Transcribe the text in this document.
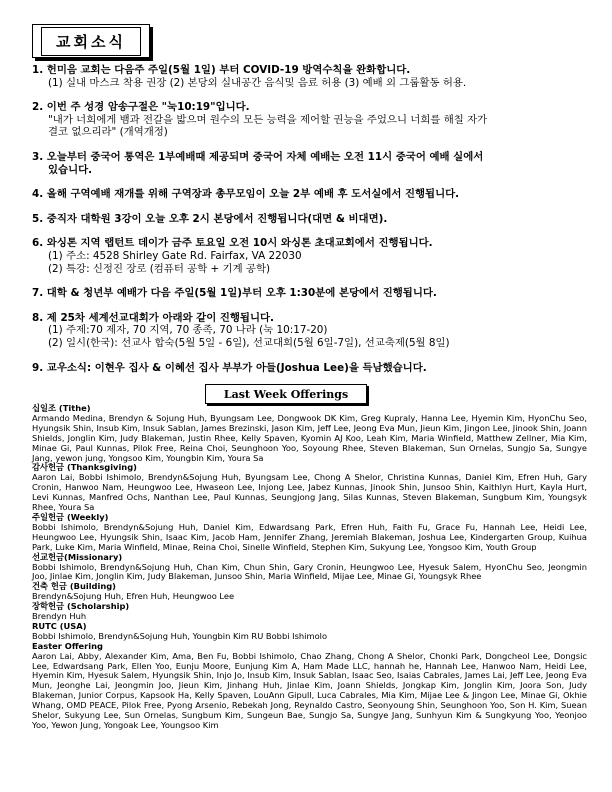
교회소식
1. 헌미음 교회는 다음주 주일(5월 1일) 부터 COVID-19 방역수칙을 완화합니다.
(1) 실내 마스크 착용 권장 (2) 본당외 실내공간 음식및 음료 허용 (3) 예배 외 그룹활동 허용.
2. 이번 주 성경 암송구절은 "눅10:19"입니다.
"내가 너희에게 뱀과 전갈을 밟으며 원수의 모든 능력을 제어할 권능을 주었으니 너희를 해칠 자가
결코 없으리라" (개역개정)
3. 오늘부터 중국어 통역은 1부예배때 제공되며 중국어 자체 예배는 오전 11시 중국어 예배 실에서
있습니다.
4. 올해 구역예배 재개를 위해 구역장과 총무모임이 오늘 2부 예배 후 도서실에서 진행됩니다.
5. 중직자 대학원 3강이 오늘 오후 2시 본당에서 진행됩니다(대면 & 비대면).
6. 와싱톤 지역 랩턴트 데이가 금주 토요일 오전 10시 와싱톤 초대교회에서 진행됩니다.
(1) 주소: 4528 Shirley Gate Rd. Fairfax, VA 22030
(2) 특강: 신정진 장로 (컴퓨터 공학 + 기계 공학)
7. 대학 & 청년부 예배가 다음 주일(5월 1일)부터 오후 1:30분에 본당에서 진행됩니다.
8. 제 25차 세계선교대회가 아래와 같이 진행됩니다.
(1) 주제:70 제자, 70 지역, 70 종족, 70 나라 (눅 10:17-20)
(2) 일시(한국): 선교사 합숙(5월 5일 - 6일), 선교대회(5월 6일-7일), 선교축제(5월 8일)
9. 교우소식: 이현우 집사 & 이혜선 집사 부부가 아들(Joshua Lee)을 득남했습니다.
Last Week Offerings
십일조 (Tithe)
Armando Medina, Brendyn & Sojung Huh, Byungsam Lee, Dongwook DK Kim, Greg Kupraly, Hanna Lee, Hyemin Kim, HyonChu Seo, Hyungsik Shin, Insub Kim, Insuk Sablan, James Brezinski, Jason Kim, Jeff Lee, Jeong Eva Mun, Jieun Kim, Jingon Lee, Jinook Shin, Joann Shields, Jonglin Kim, Judy Blakeman, Justin Rhee, Kelly Spaven, Kyomin AJ Koo, Leah Kim, Maria Winfield, Matthew Zellner, Mia Kim, Minae Gi, Paul Kunnas, Pilok Free, Reina Choi, Seunghoon Yoo, Soyoung Rhee, Steven Blakeman, Sun Ornelas, Sungjo Sa, Sungye Jang, yewon jung, Yongsoo Kim, Youngbin Kim, Youra Sa
감사헌금 (Thanksgiving)
Aaron Lai, Bobbi Ishimolo, Brendyn&Sojung Huh, Byungsam Lee, Chong A Shelor, Christina Kunnas, Daniel Kim, Efren Huh, Gary Cronin, Hanwoo Nam, Heungwoo Lee, Hwaseon Lee, Injong Lee, Jabez Kunnas, Jinook Shin, Junsoo Shin, Kaithlyn Hurt, Kayla Hurt, Levi Kunnas, Manfred Ochs, Nanthan Lee, Paul Kunnas, Seungjong Jang, Silas Kunnas, Steven Blakeman, Sungbum Kim, Youngsyk Rhee, Youra Sa
주일헌금 (Weekly)
Bobbi Ishimolo, Brendyn&Sojung Huh, Daniel Kim, Edwardsang Park, Efren Huh, Faith Fu, Grace Fu, Hannah Lee, Heidi Lee, Heungwoo Lee, Hyungsik Shin, Isaac Kim, Jacob Ham, Jennifer Zhang, Jeremiah Blakeman, Joshua Lee, Kindergarten Group, Kuihua Park, Luke Kim, Maria Winfield, Minae, Reina Choi, Sinelle Winfield, Stephen Kim, Sukyung Lee, Yongsoo Kim, Youth Group
선교헌금(Missionary)
Bobbi Ishimolo, Brendyn&Sojung Huh, Chan Kim, Chun Shin, Gary Cronin, Heungwoo Lee, Hyesuk Salem, HyonChu Seo, Jeongmin Joo, Jinlae Kim, Jonglin Kim, Judy Blakeman, Junsoo Shin, Maria Winfield, Mijae Lee, Minae Gi, Youngsyk Rhee
건축 헌금 (Building)
Brendyn&Sojung Huh, Efren Huh, Heungwoo Lee
장학헌금 (Scholarship)
Brendyn Huh
RUTC (USA)
Bobbi Ishimolo, Brendyn&Sojung Huh, Youngbin Kim RU Bobbi Ishimolo
Easter Offering
Aaron Lai, Abby, Alexander Kim, Ama, Ben Fu, Bobbi Ishimolo, Chao Zhang, Chong A Shelor, Chonki Park, Dongcheol Lee, Dongsic Lee, Edwardsang Park, Ellen Yoo, Eunju Moore, Eunjung Kim A, Ham Made LLC, hannah he, Hannah Lee, Hanwoo Nam, Heidi Lee, Hyemin Kim, Hyesuk Salem, Hyungsik Shin, Injo Jo, Insub Kim, Insuk Sablan, Isaac Seo, Isaias Cabrales, James Lai, Jeff Lee, Jeong Eva Mun, Jeonghe Lai, Jeongmin Joo, Jieun Kim, Jinhang Huh, Jinlae Kim, Joann Shields, Jongkap Kim, Jonglin Kim, Joora Son, Judy Blakeman, Junior Corpus, Kapsook Ha, Kelly Spaven, LouAnn Gipull, Luca Cabrales, Mia Kim, Mijae Lee & Jingon Lee, Minae Gi, Okhie Whang, OMD PEACE, Pilok Free, Pyong Arsenio, Rebekah Jong, Reynaldo Castro, Seonyoung Shin, Seunghoon Yoo, Son H. Kim, Suean Shelor, Sukyung Lee, Sun Ornelas, Sungbum Kim, Sungeun Bae, Sungjo Sa, Sungye Jang, Sunhyun Kim & Sungkyung Yoo, Yeonjoo Yoo, Yewon Jung, Yongoak Lee, Youngsoo Kim
